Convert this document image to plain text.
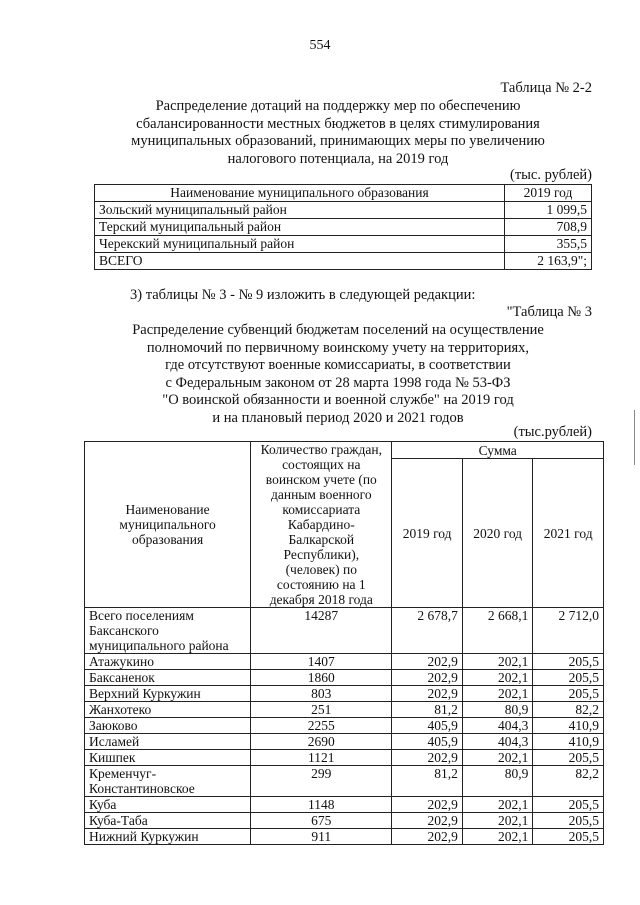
554
Таблица № 2-2
Распределение дотаций на поддержку мер по обеспечению
сбалансированности местных бюджетов в целях стимулирования
муниципальных образований, принимающих меры по увеличению
налогового потенциала, на 2019 год
(тыс. рублей)
Наименование муниципального образования	2019 год
Зольский муниципальный район	1 099,5
Терский муниципальный район	708,9
Черекский муниципальный район	355,5
ВСЕГО	2 163,9";
3) таблицы № 3 - № 9 изложить в следующей редакции:
"Таблица № 3
Распределение субвенций бюджетам поселений на осуществление
полномочий по первичному воинскому учету на территориях,
где отсутствуют военные комиссариаты, в соответствии
с Федеральным законом от 28 марта 1998 года № 53-ФЗ
"О воинской обязанности и военной службе" на 2019 год
и на плановый период 2020 и 2021 годов
(тыс.рублей)
Наименование муниципального образования	Количество граждан, состоящих на воинском учете (по данным военного комиссариата Кабардино-Балкарской Республики), (человек) по состоянию на 1 декабря 2018 года	Сумма		
		2019 год	2020 год	2021 год
Всего поселениям Баксанского муниципального района	14287	2 678,7	2 668,1	2 712,0
Атажукино	1407	202,9	202,1	205,5
Баксаненок	1860	202,9	202,1	205,5
Верхний Куркужин	803	202,9	202,1	205,5
Жанхотеко	251	81,2	80,9	82,2
Заюково	2255	405,9	404,3	410,9
Исламей	2690	405,9	404,3	410,9
Кишпек	1121	202,9	202,1	205,5
Кременчуг-Константиновское	299	81,2	80,9	82,2
Куба	1148	202,9	202,1	205,5
Куба-Таба	675	202,9	202,1	205,5
Нижний Куркужин	911	202,9	202,1	205,5
